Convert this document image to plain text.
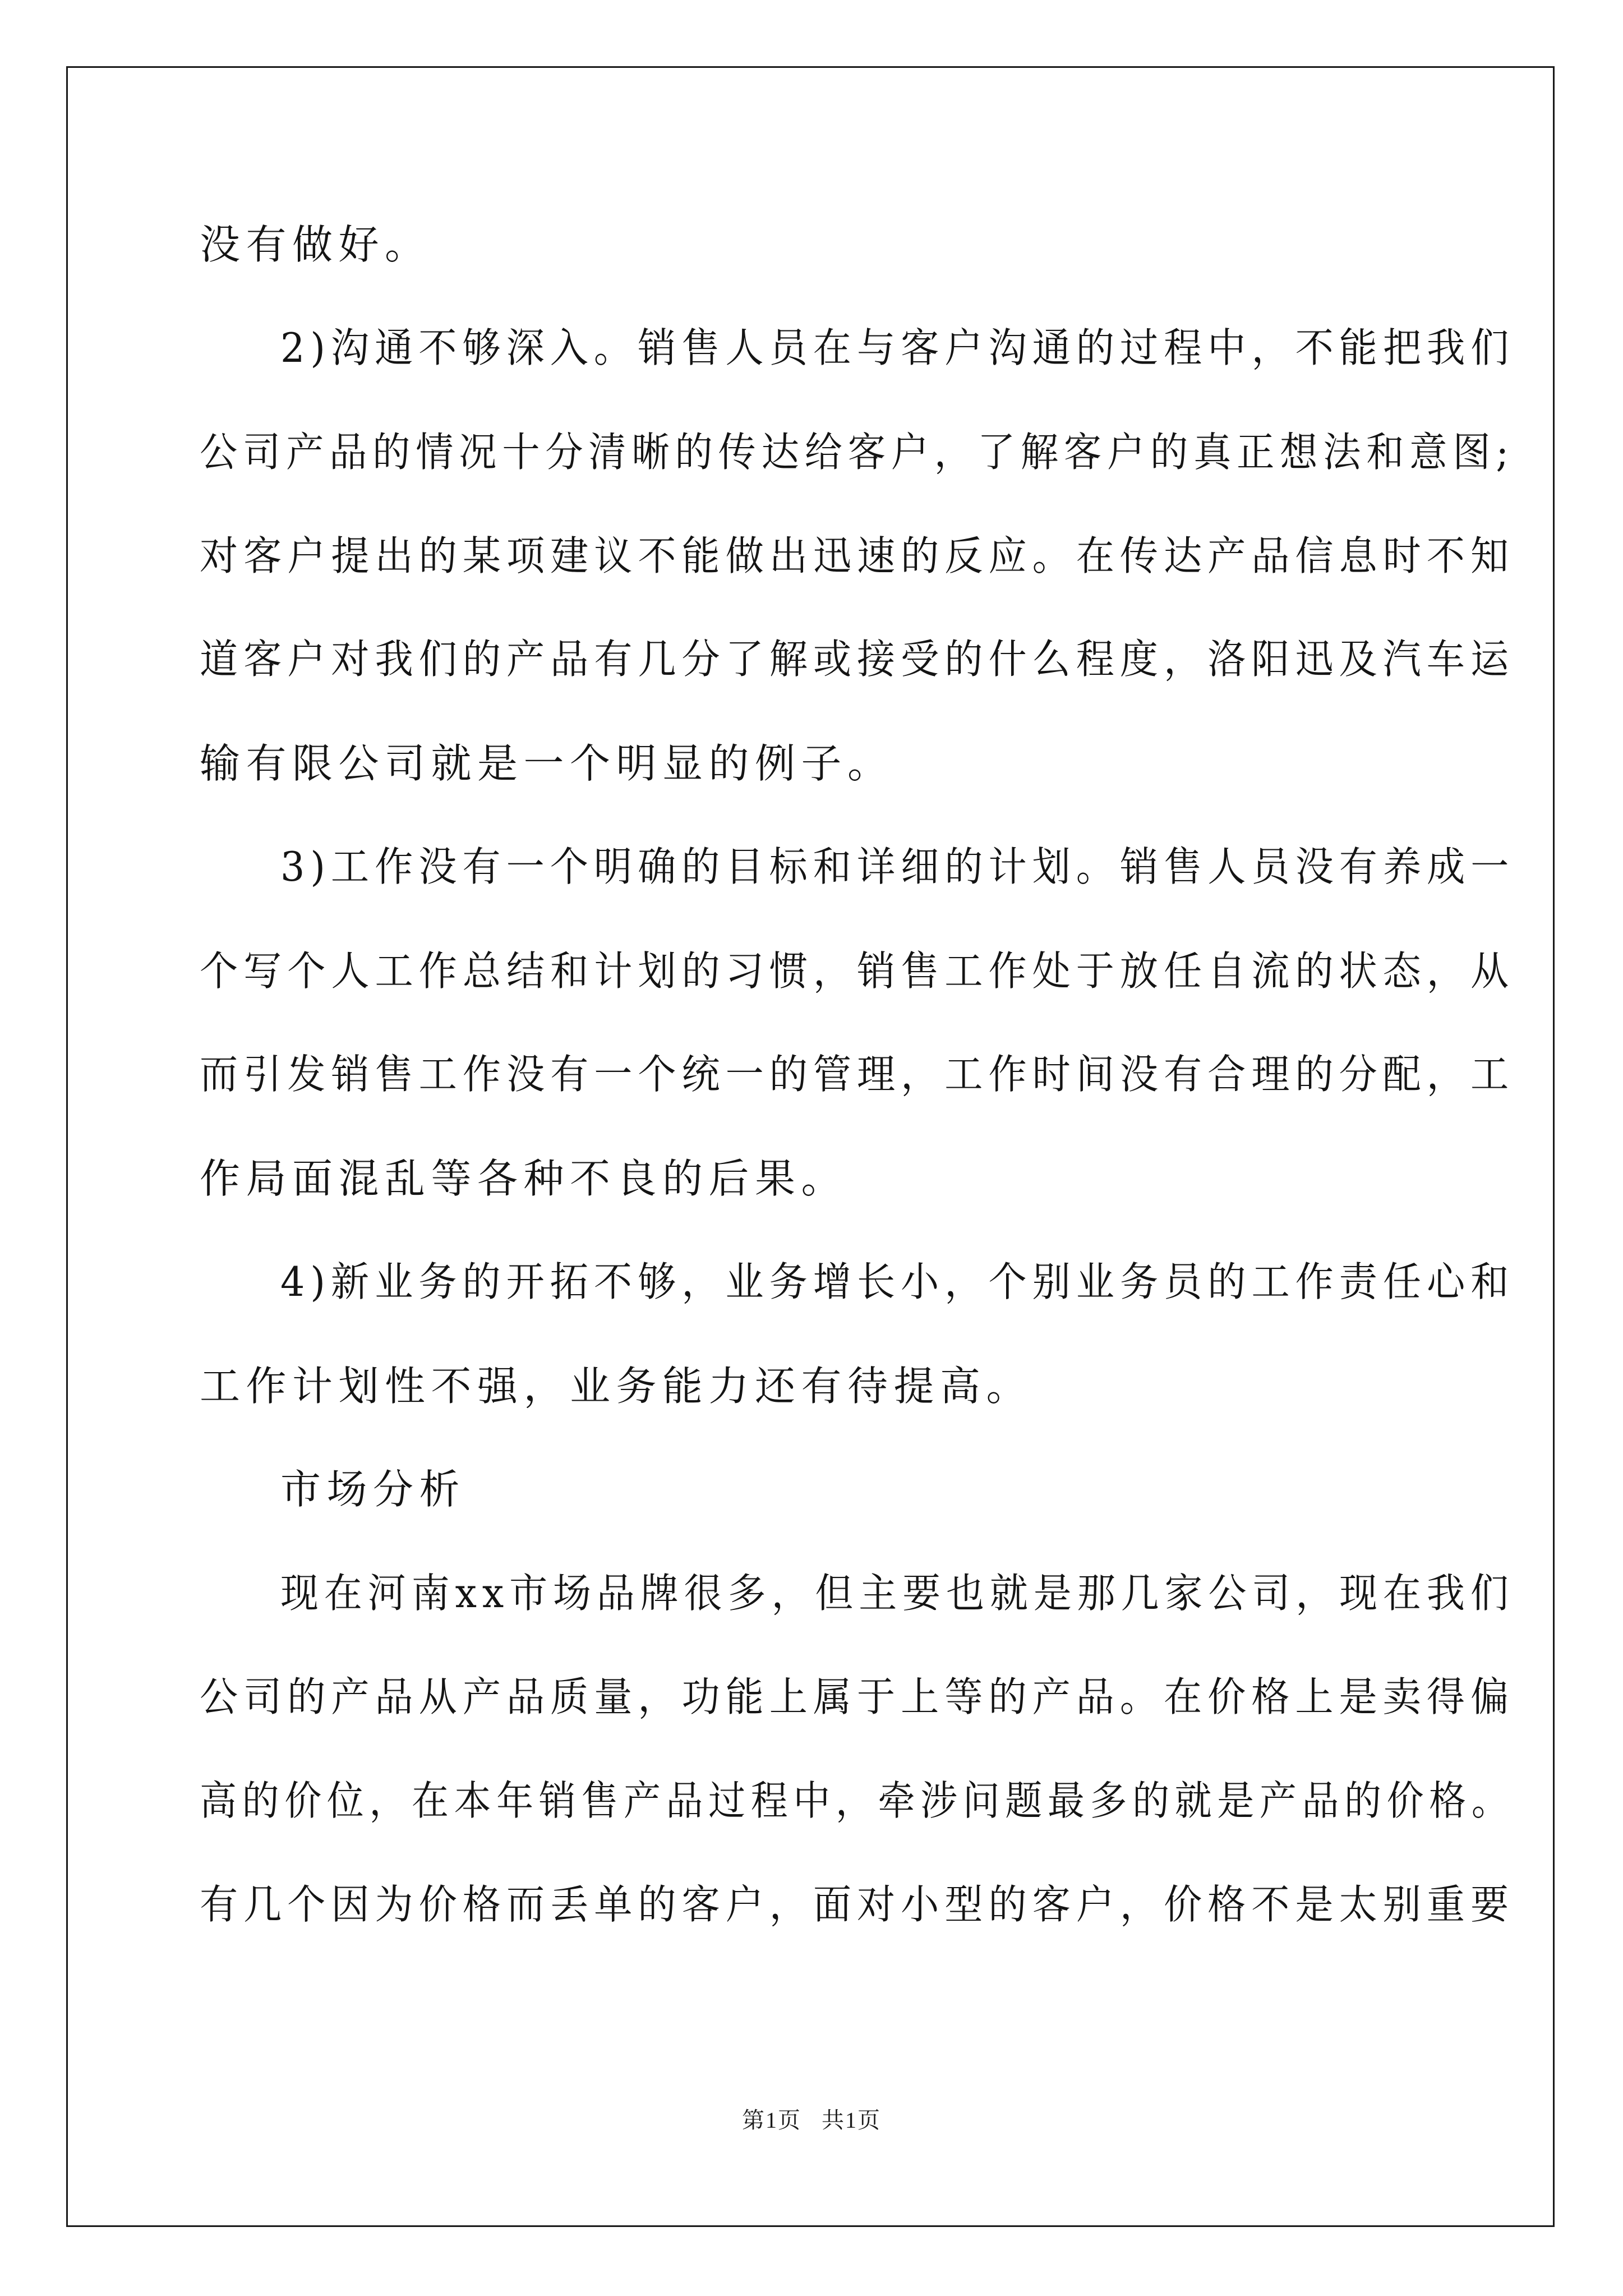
没有做好。

2)沟通不够深入。销售人员在与客户沟通的过程中，不能把我们

公司产品的情况十分清晰的传达给客户，了解客户的真正想法和意图;

对客户提出的某项建议不能做出迅速的反应。在传达产品信息时不知

道客户对我们的产品有几分了解或接受的什么程度，洛阳迅及汽车运

输有限公司就是一个明显的例子。

3)工作没有一个明确的目标和详细的计划。销售人员没有养成一

个写个人工作总结和计划的习惯，销售工作处于放任自流的状态，从

而引发销售工作没有一个统一的管理，工作时间没有合理的分配，工

作局面混乱等各种不良的后果。

4)新业务的开拓不够，业务增长小，个别业务员的工作责任心和

工作计划性不强，业务能力还有待提高。

市场分析

现在河南xx市场品牌很多，但主要也就是那几家公司，现在我们

公司的产品从产品质量，功能上属于上等的产品。在价格上是卖得偏

高的价位，在本年销售产品过程中，牵涉问题最多的就是产品的价格。

有几个因为价格而丢单的客户，面对小型的客户，价格不是太别重要

第1页   共1页
